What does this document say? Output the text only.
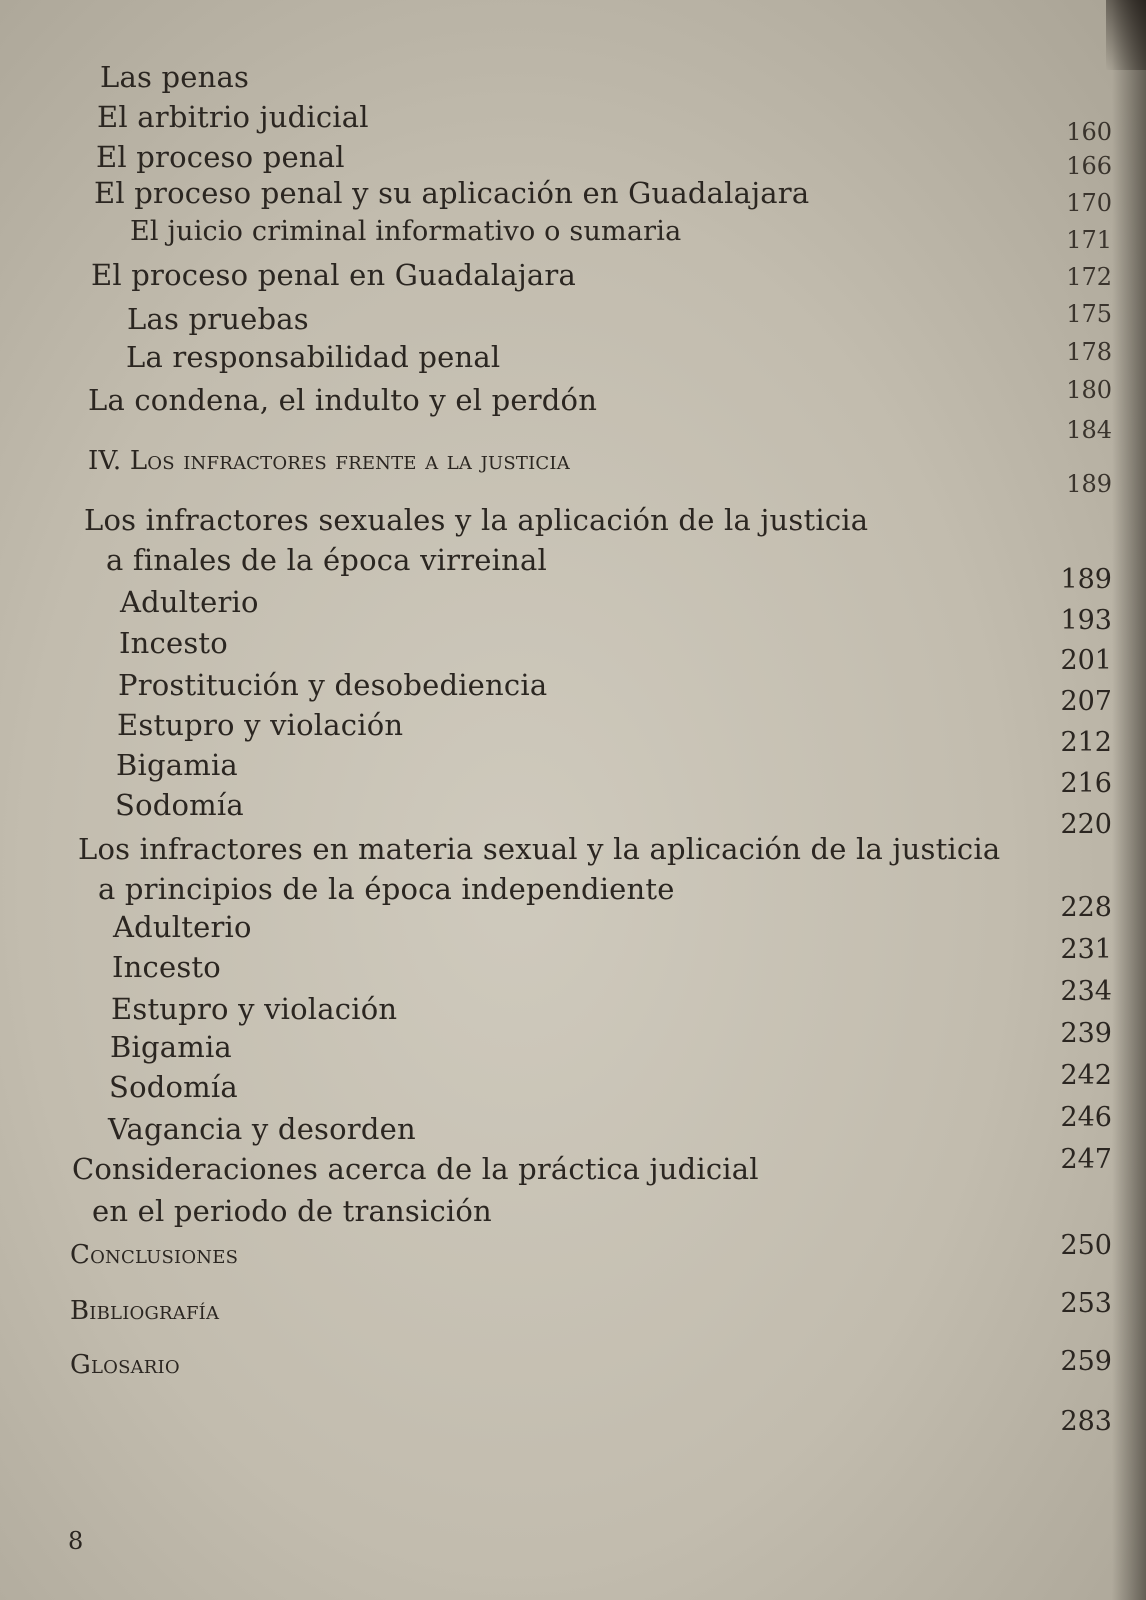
Las penas
El arbitrio judicial
El proceso penal
El proceso penal y su aplicación en Guadalajara
El juicio criminal informativo o sumaria
El proceso penal en Guadalajara
Las pruebas
La responsabilidad penal
La condena, el indulto y el perdón
IV. Los infractores frente a la justicia
Los infractores sexuales y la aplicación de la justicia
a finales de la época virreinal
Adulterio
Incesto
Prostitución y desobediencia
Estupro y violación
Bigamia
Sodomía
Los infractores en materia sexual y la aplicación de la justicia
a principios de la época independiente
Adulterio
Incesto
Estupro y violación
Bigamia
Sodomía
Vagancia y desorden
Consideraciones acerca de la práctica judicial
en el periodo de transición
Conclusiones
Bibliografía
Glosario
160
166
170
171
172
175
178
180
184
189
189
193
201
207
212
216
220
228
231
234
239
242
246
247
250
253
259
283
8
